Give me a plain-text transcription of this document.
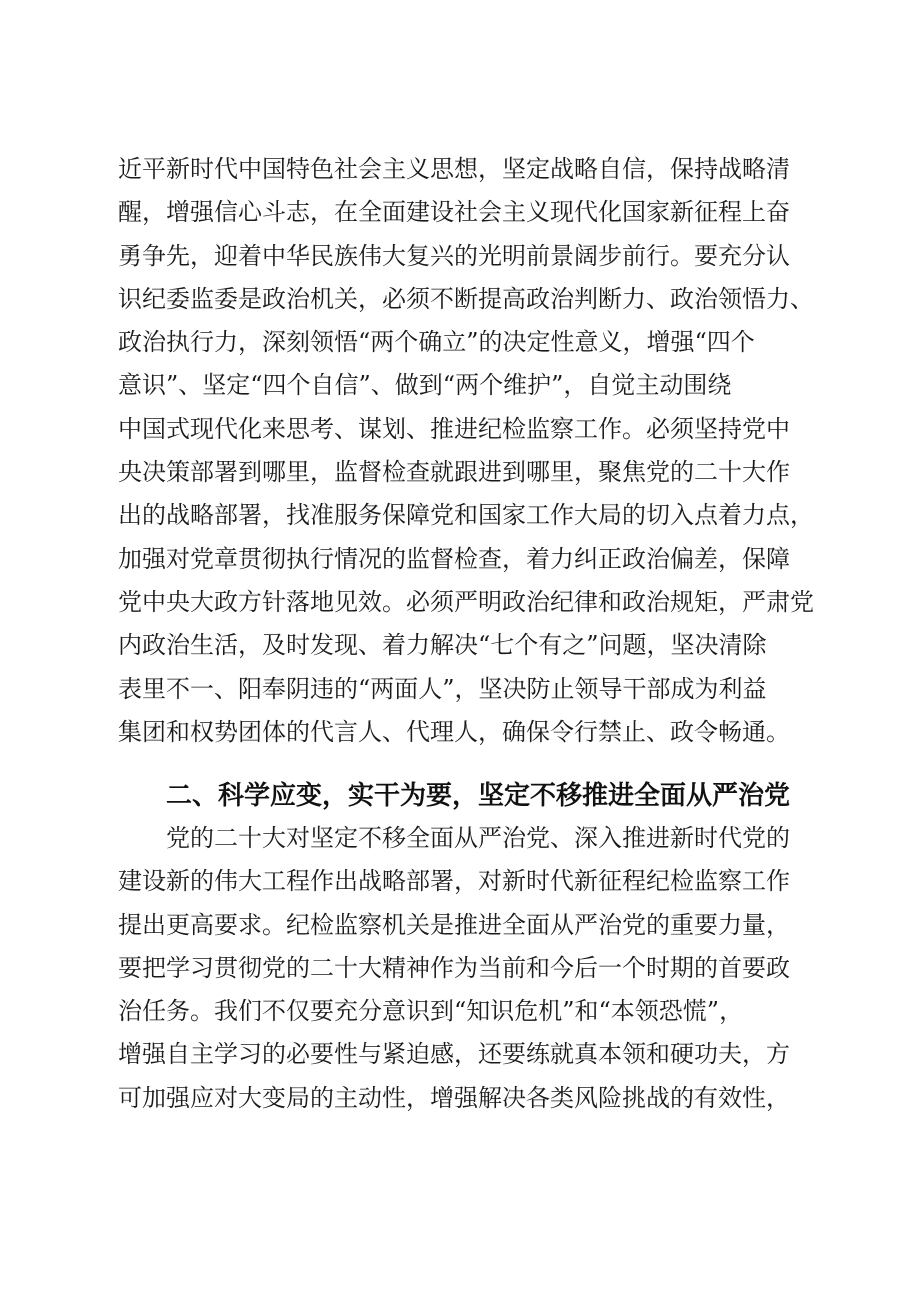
近平新时代中国特色社会主义思想，坚定战略自信，保持战略清
醒，增强信心斗志，在全面建设社会主义现代化国家新征程上奋
勇争先，迎着中华民族伟大复兴的光明前景阔步前行。要充分认
识纪委监委是政治机关，必须不断提高政治判断力、政治领悟力、
政治执行力，深刻领悟“两个确立”的决定性意义，增强“四个
意识”、坚定“四个自信”、做到“两个维护”，自觉主动围绕
中国式现代化来思考、谋划、推进纪检监察工作。必须坚持党中
央决策部署到哪里，监督检查就跟进到哪里，聚焦党的二十大作
出的战略部署，找准服务保障党和国家工作大局的切入点着力点，
加强对党章贯彻执行情况的监督检查，着力纠正政治偏差，保障
党中央大政方针落地见效。必须严明政治纪律和政治规矩，严肃党
内政治生活，及时发现、着力解决“七个有之”问题，坚决清除
表里不一、阳奉阴违的“两面人”，坚决防止领导干部成为利益
集团和权势团体的代言人、代理人，确保令行禁止、政令畅通。
二、科学应变，实干为要，坚定不移推进全面从严治党
党的二十大对坚定不移全面从严治党、深入推进新时代党的
建设新的伟大工程作出战略部署，对新时代新征程纪检监察工作
提出更高要求。纪检监察机关是推进全面从严治党的重要力量，
要把学习贯彻党的二十大精神作为当前和今后一个时期的首要政
治任务。我们不仅要充分意识到“知识危机”和“本领恐慌”，
增强自主学习的必要性与紧迫感，还要练就真本领和硬功夫，方
可加强应对大变局的主动性，增强解决各类风险挑战的有效性，
